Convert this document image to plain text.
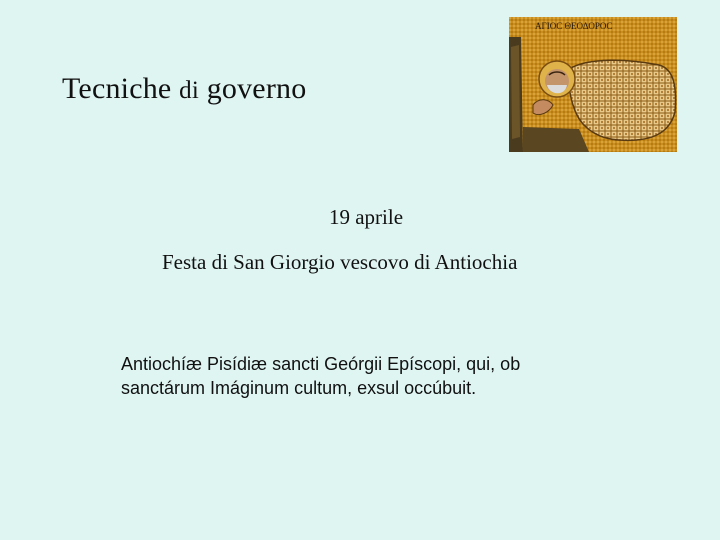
Tecniche di governo
ΑΓΙΟC ΘΕΟΔΟΡΟC
19 aprile
Festa di San Giorgio vescovo di Antiochia
Antiochíæ Pisídiæ sancti Geórgii Epíscopi, qui, ob sanctárum Imáginum cultum, exsul occúbuit.
